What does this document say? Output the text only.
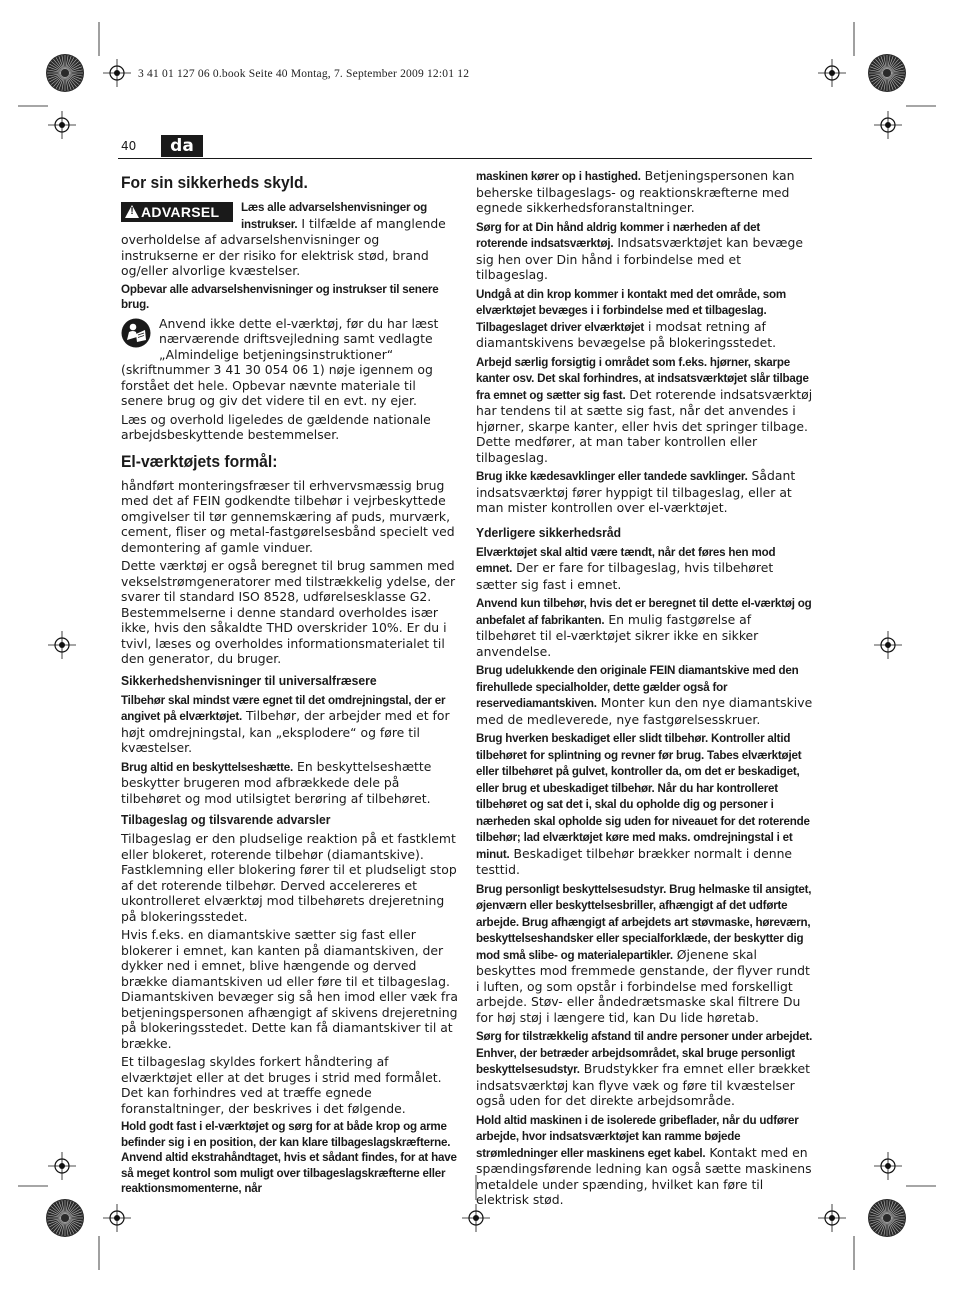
3 41 01 127 06 0.book Seite 40 Montag, 7. September 2009 12:01 12
40	da
For sin sikkerheds skyld.
! ADVARSEL	Læs alle advarselshenvisninger og instrukser. I tilfælde af manglende overholdelse af advarselshenvisninger og instrukserne er der risiko for elektrisk stød, brand og/eller alvorlige kvæstelser.

Opbevar alle advarselshenvisninger og instrukser til senere brug.

Anvend ikke dette el-værktøj, før du har læst nærværende driftsvejledning samt vedlagte „Almindelige betjeningsinstruktioner“ (skriftnummer 3 41 30 054 06 1) nøje igennem og forstået det hele. Opbevar nævnte materiale til senere brug og giv det videre til en evt. ny ejer.

Læs og overhold ligeledes de gældende nationale arbejdsbeskyttende bestemmelser.

El-værktøjets formål:

håndført monteringsfræser til erhvervsmæssig brug med det af FEIN godkendte tilbehør i vejrbeskyttede omgivelser til tør gennemskæring af puds, murværk, cement, fliser og metal-fastgørelsesbånd specielt ved demontering af gamle vinduer.

Dette værktøj er også beregnet til brug sammen med vekselstrømgeneratorer med tilstrækkelig ydelse, der svarer til standard ISO 8528, udførelsesklasse G2. Bestemmelserne i denne standard overholdes især ikke, hvis den såkaldte THD overskrider 10%. Er du i tvivl, læses og overholdes informationsmaterialet til den generator, du bruger.

Sikkerhedshenvisninger til universalfræsere

Tilbehør skal mindst være egnet til det omdrejningstal, der er angivet på elværktøjet. Tilbehør, der arbejder med et for højt omdrejningstal, kan „eksplodere“ og føre til kvæstelser.

Brug altid en beskyttelseshætte. En beskyttelseshætte beskytter brugeren mod afbrækkede dele på tilbehøret og mod utilsigtet berøring af tilbehøret.

Tilbageslag og tilsvarende advarsler

Tilbageslag er den pludselige reaktion på et fastklemt eller blokeret, roterende tilbehør (diamantskive). Fastklemning eller blokering fører til et pludseligt stop af det roterende tilbehør. Derved accelereres et ukontrolleret elværktøj mod tilbehørets drejeretning på blokeringsstedet.

Hvis f.eks. en diamantskive sætter sig fast eller blokerer i emnet, kan kanten på diamantskiven, der dykker ned i emnet, blive hængende og derved brække diamantskiven ud eller føre til et tilbageslag. Diamantskiven bevæger sig så hen imod eller væk fra betjeningspersonen afhængigt af skivens drejeretning på blokeringsstedet. Dette kan få diamantskiver til at brække.

Et tilbageslag skyldes forkert håndtering af elværktøjet eller at det bruges i strid med formålet. Det kan forhindres ved at træffe egnede foranstaltninger, der beskrives i det følgende.

Hold godt fast i el-værktøjet og sørg for at både krop og arme befinder sig i en position, der kan klare tilbageslagskræfterne. Anvend altid ekstrahåndtaget, hvis et sådant findes, for at have så meget kontrol som muligt over tilbageslagskræfterne eller reaktionsmomenterne, når

maskinen kører op i hastighed. Betjeningspersonen kan beherske tilbageslags- og reaktionskræfterne med egnede sikkerhedsforanstaltninger.

Sørg for at Din hånd aldrig kommer i nærheden af det roterende indsatsværktøj. Indsatsværktøjet kan bevæge sig hen over Din hånd i forbindelse med et tilbageslag.

Undgå at din krop kommer i kontakt med det område, som elværktøjet bevæges i i forbindelse med et tilbageslag. Tilbageslaget driver elværktøjet i modsat retning af diamantskivens bevægelse på blokeringsstedet.

Arbejd særlig forsigtig i området som f.eks. hjørner, skarpe kanter osv. Det skal forhindres, at indsatsværktøjet slår tilbage fra emnet og sætter sig fast. Det roterende indsatsværktøj har tendens til at sætte sig fast, når det anvendes i hjørner, skarpe kanter, eller hvis det springer tilbage. Dette medfører, at man taber kontrollen eller tilbageslag.

Brug ikke kædesavklinger eller tandede savklinger. Sådant indsatsværktøj fører hyppigt til tilbageslag, eller at man mister kontrollen over el-værktøjet.

Yderligere sikkerhedsråd

Elværktøjet skal altid være tændt, når det føres hen mod emnet. Der er fare for tilbageslag, hvis tilbehøret sætter sig fast i emnet.

Anvend kun tilbehør, hvis det er beregnet til dette el-værktøj og anbefalet af fabrikanten. En mulig fastgørelse af tilbehøret til el-værktøjet sikrer ikke en sikker anvendelse.

Brug udelukkende den originale FEIN diamantskive med den firehullede specialholder, dette gælder også for reservediamantskiven. Monter kun den nye diamantskive med de medleverede, nye fastgørelsesskruer.

Brug hverken beskadiget eller slidt tilbehør. Kontroller altid tilbehøret for splintning og revner før brug. Tabes elværktøjet eller tilbehøret på gulvet, kontroller da, om det er beskadiget, eller brug et ubeskadiget tilbehør. Når du har kontrolleret tilbehøret og sat det i, skal du opholde dig og personer i nærheden skal opholde sig uden for niveauet for det roterende tilbehør; lad elværktøjet køre med maks. omdrejningstal i et minut. Beskadiget tilbehør brækker normalt i denne testtid.

Brug personligt beskyttelsesudstyr. Brug helmaske til ansigtet, øjenværn eller beskyttelsesbriller, afhængigt af det udførte arbejde. Brug afhængigt af arbejdets art støvmaske, høreværn, beskyttelseshandsker eller specialforklæde, der beskytter dig mod små slibe- og materialepartikler. Øjenene skal beskyttes mod fremmede genstande, der flyver rundt i luften, og som opstår i forbindelse med forskelligt arbejde. Støv- eller åndedrætsmaske skal filtrere Du for høj støj i længere tid, kan Du lide høretab.

Sørg for tilstrækkelig afstand til andre personer under arbejdet. Enhver, der betræder arbejdsområdet, skal bruge personligt beskyttelsesudstyr. Brudstykker fra emnet eller brækket indsatsværktøj kan flyve væk og føre til kvæstelser også uden for det direkte arbejdsområde.

Hold altid maskinen i de isolerede gribeflader, når du udfører arbejde, hvor indsatsværktøjet kan ramme bøjede strømledninger eller maskinens eget kabel. Kontakt med en spændingsførende ledning kan også sætte maskinens metaldele under spænding, hvilket kan føre til elektrisk stød.
